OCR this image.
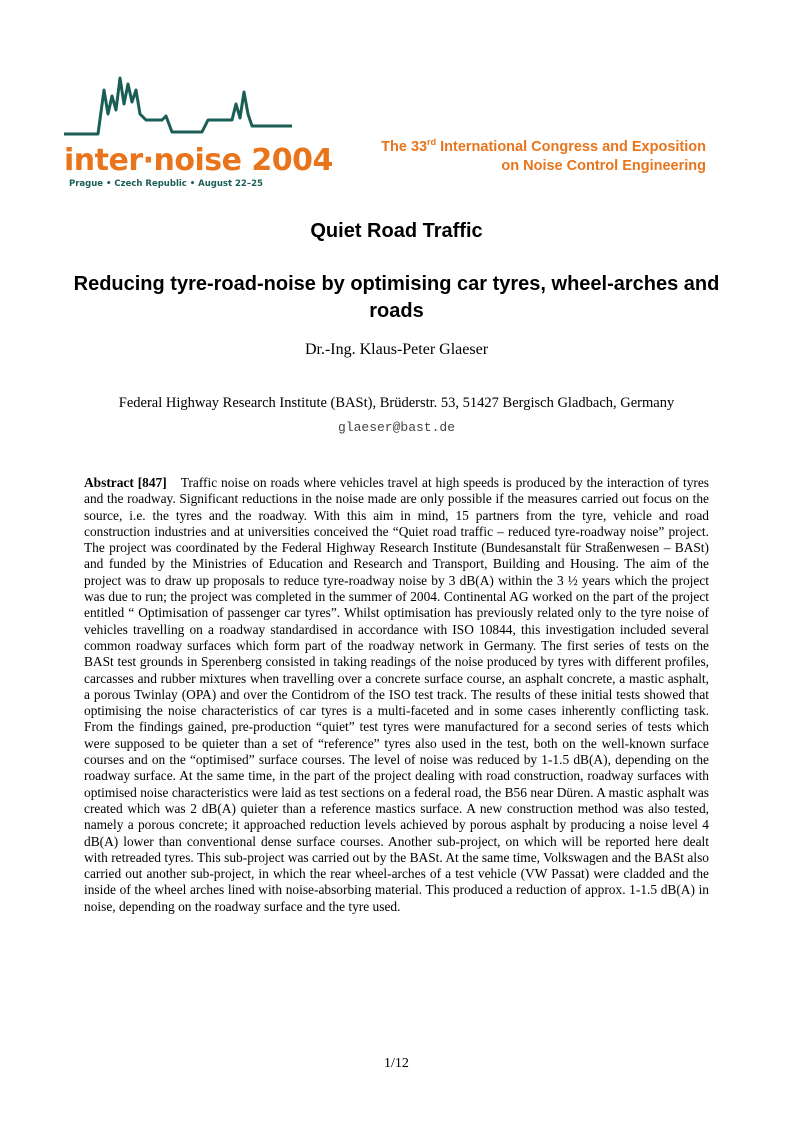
inter·noise 2004
Prague • Czech Republic • August 22–25
The 33rd International Congress and Exposition
on Noise Control Engineering
Quiet Road Traffic
Reducing tyre-road-noise by optimising car tyres, wheel-arches and roads
Dr.-Ing. Klaus-Peter Glaeser
Federal Highway Research Institute (BASt), Brüderstr. 53, 51427 Bergisch Gladbach, Germany
glaeser@bast.de
Abstract [847] Traffic noise on roads where vehicles travel at high speeds is produced by the interaction of tyres and the roadway. Significant reductions in the noise made are only possible if the measures carried out focus on the source, i.e. the tyres and the roadway. With this aim in mind, 15 partners from the tyre, vehicle and road construction industries and at universities conceived the “Quiet road traffic – reduced tyre-roadway noise” project. The project was coordinated by the Federal Highway Research Institute (Bundesanstalt für Straßenwesen – BASt) and funded by the Ministries of Education and Research and Transport, Building and Housing. The aim of the project was to draw up proposals to reduce tyre-roadway noise by 3 dB(A) within the 3 ½ years which the project was due to run; the project was completed in the summer of 2004. Continental AG worked on the part of the project entitled “ Optimisation of passenger car tyres”. Whilst optimisation has previously related only to the tyre noise of vehicles travelling on a roadway standardised in accordance with ISO 10844, this investigation included several common roadway surfaces which form part of the roadway network in Germany. The first series of tests on the BASt test grounds in Sperenberg consisted in taking readings of the noise produced by tyres with different profiles, carcasses and rubber mixtures when travelling over a concrete surface course, an asphalt concrete, a mastic asphalt, a porous Twinlay (OPA) and over the Contidrom of the ISO test track. The results of these initial tests showed that optimising the noise characteristics of car tyres is a multi-faceted and in some cases inherently conflicting task. From the findings gained, pre-production “quiet” test tyres were manufactured for a second series of tests which were supposed to be quieter than a set of “reference” tyres also used in the test, both on the well-known surface courses and on the “optimised” surface courses. The level of noise was reduced by 1-1.5 dB(A), depending on the roadway surface. At the same time, in the part of the project dealing with road construction, roadway surfaces with optimised noise characteristics were laid as test sections on a federal road, the B56 near Düren. A mastic asphalt was created which was 2 dB(A) quieter than a reference mastics surface. A new construction method was also tested, namely a porous concrete; it approached reduction levels achieved by porous asphalt by producing a noise level 4 dB(A) lower than conventional dense surface courses. Another sub-project, on which will be reported here dealt with retreaded tyres. This sub-project was carried out by the BASt. At the same time, Volkswagen and the BASt also carried out another sub-project, in which the rear wheel-arches of a test vehicle (VW Passat) were cladded and the inside of the wheel arches lined with noise-absorbing material. This produced a reduction of approx. 1-1.5 dB(A) in noise, depending on the roadway surface and the tyre used.
1/12
